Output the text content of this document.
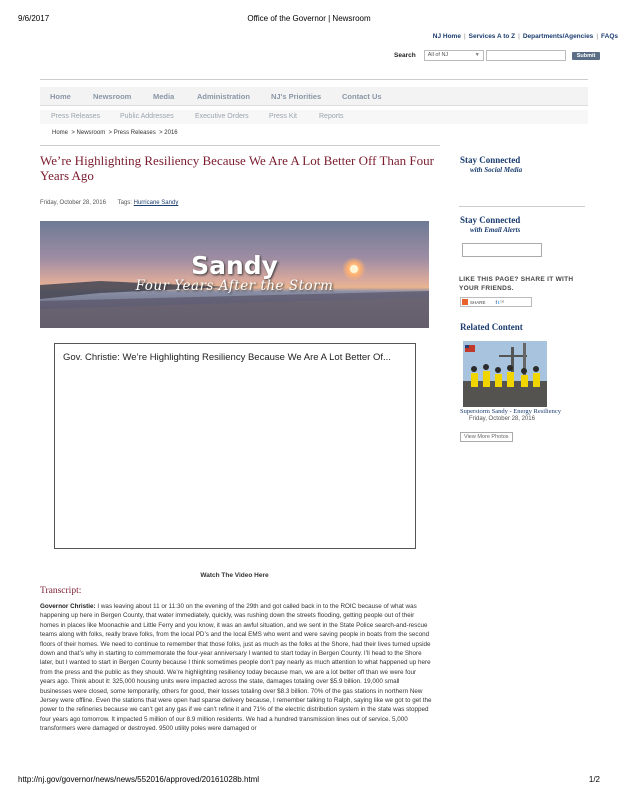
9/6/2017	Office of the Governor | Newsroom
NJ Home | Services A to Z | Departments/Agencies | FAQs
Search	All of NJ	▼	Submit
Home	Newsroom	Media	Administration	NJ's Priorities	Contact Us
Press Releases	Public Addresses	Executive Orders	Press Kit	Reports
Home  > Newsroom  > Press Releases  > 2016
We’re Highlighting Resiliency Because We Are A Lot Better Off Than Four Years Ago
Friday, October 28, 2016 Tags: Hurricane Sandy
Sandy
Four Years After the Storm
Gov. Christie: We’re Highlighting Resiliency Because We Are A Lot Better Of...
Watch The Video Here
Transcript:
Governor Christie: I was leaving about 11 or 11:30 on the evening of the 29th and got called back in to the ROIC because of what was happening up here in Bergen County, that water immediately, quickly, was rushing down the streets flooding, getting people out of their homes in places like Moonachie and Little Ferry and you know, it was an awful situation, and we sent in the State Police search-and-rescue teams along with folks, really brave folks, from the local PD’s and the local EMS who went and were saving people in boats from the second floors of their homes. We need to continue to remember that those folks, just as much as the folks at the Shore, had their lives turned upside down and that’s why in starting to commemorate the four-year anniversary I wanted to start today in Bergen County. I’ll head to the Shore later, but I wanted to start in Bergen County because I think sometimes people don’t pay nearly as much attention to what happened up here from the press and the public as they should. We’re highlighting resiliency today because man, we are a lot better off than we were four years ago. Think about it: 325,000 housing units were impacted across the state, damages totaling over $5.9 billion. 19,000 small businesses were closed, some temporarily, others for good, their losses totaling over $8.3 billion. 70% of the gas stations in northern New Jersey were offline. Even the stations that were open had sparse delivery because, I remember talking to Ralph, saying like we got to get the power to the refineries because we can’t get any gas if we can’t refine it and 71% of the electric distribution system in the state was stopped four years ago tomorrow. It impacted 5 million of our 8.9 million residents. We had a hundred transmission lines out of service. 5,000 transformers were damaged or destroyed. 9500 utility poles were damaged or
Stay Connected
with Social Media
Stay Connected
with Email Alerts
LIKE THIS PAGE? SHARE IT WITH YOUR FRIENDS.
SHARE f t ✉
Related Content
Superstorm Sandy - Energy Resiliency
Friday, October 28, 2016
View More Photos
http://nj.gov/governor/news/news/552016/approved/20161028b.html	1/2
